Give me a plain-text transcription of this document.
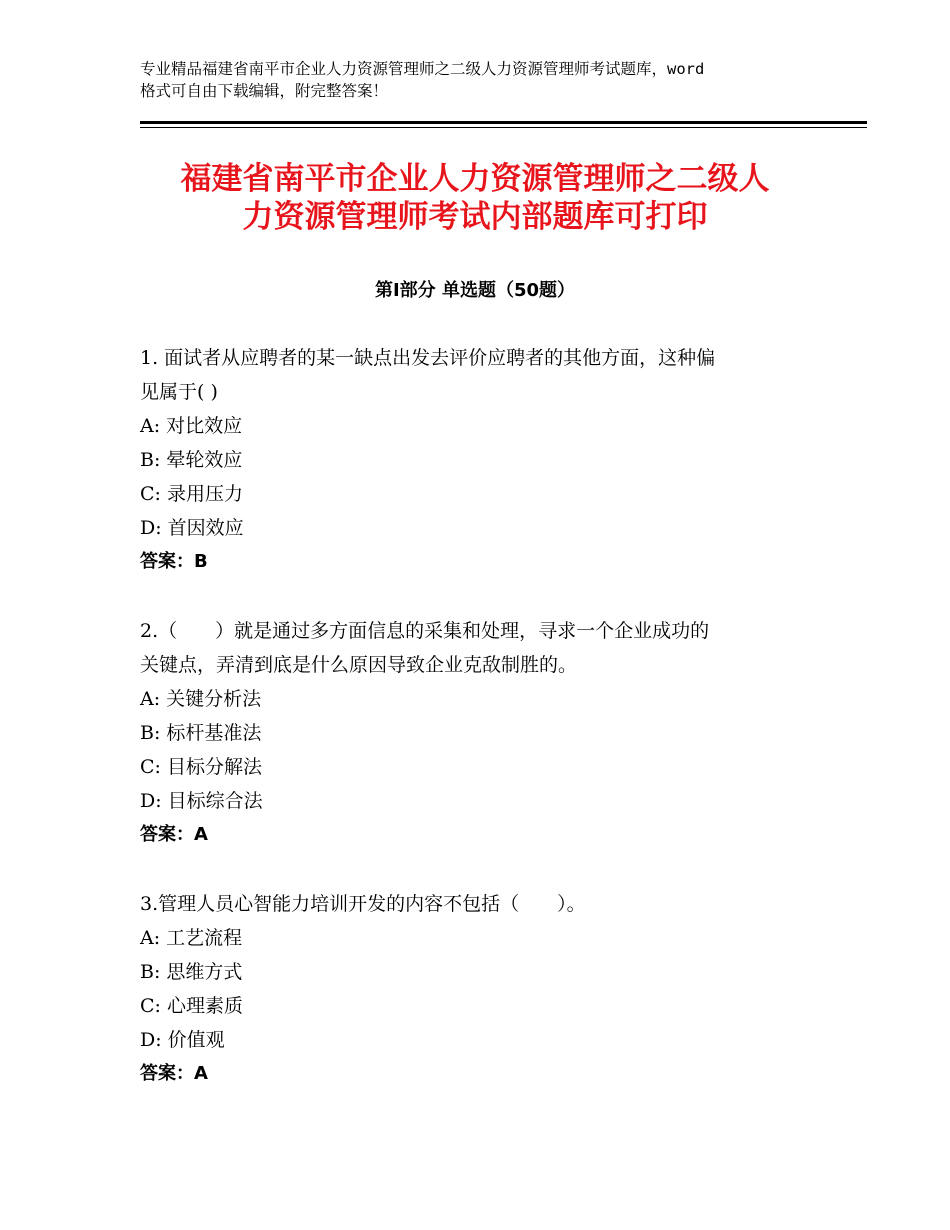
专业精品福建省南平市企业人力资源管理师之二级人力资源管理师考试题库，word
格式可自由下载编辑，附完整答案！
福建省南平市企业人力资源管理师之二级人
力资源管理师考试内部题库可打印
第Ⅰ部分 单选题（50题）
1. 面试者从应聘者的某一缺点出发去评价应聘者的其他方面，这种偏
见属于( )
A: 对比效应
B: 晕轮效应
C: 录用压力
D: 首因效应
答案：B
2.（　　）就是通过多方面信息的采集和处理，寻求一个企业成功的
关键点，弄清到底是什么原因导致企业克敌制胜的。
A: 关键分析法
B: 标杆基准法
C: 目标分解法
D: 目标综合法
答案：A
3.管理人员心智能力培训开发的内容不包括（　　）。
A: 工艺流程
B: 思维方式
C: 心理素质
D: 价值观
答案：A
